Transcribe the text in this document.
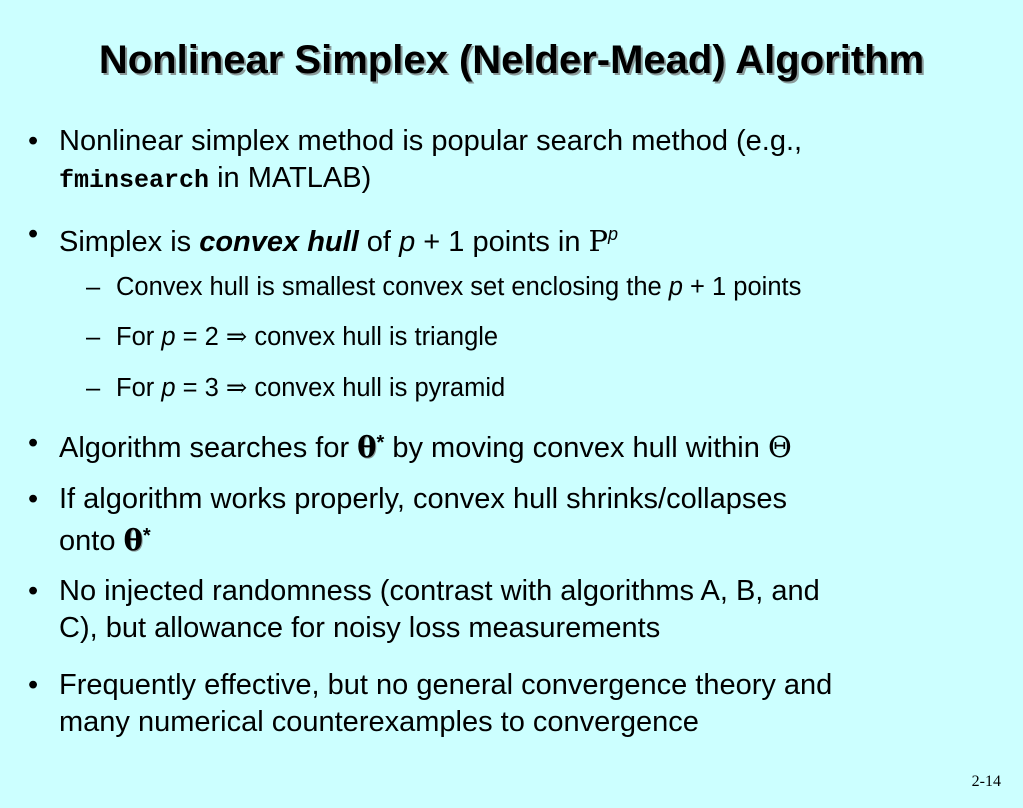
Nonlinear Simplex (Nelder-Mead) Algorithm
• Nonlinear simplex method is popular search method (e.g.,
fminsearch in MATLAB)
• Simplex is convex hull of p + 1 points in $P^p$
– Convex hull is smallest convex set enclosing the p + 1 points
– For p = 2 ⇒ convex hull is triangle
– For p = 3 ⇒ convex hull is pyramid
• Algorithm searches for θ* by moving convex hull within Θ
• If algorithm works properly, convex hull shrinks/collapses
onto θ*
• No injected randomness (contrast with algorithms A, B, and
C), but allowance for noisy loss measurements
• Frequently effective, but no general convergence theory and
many numerical counterexamples to convergence
2-14
